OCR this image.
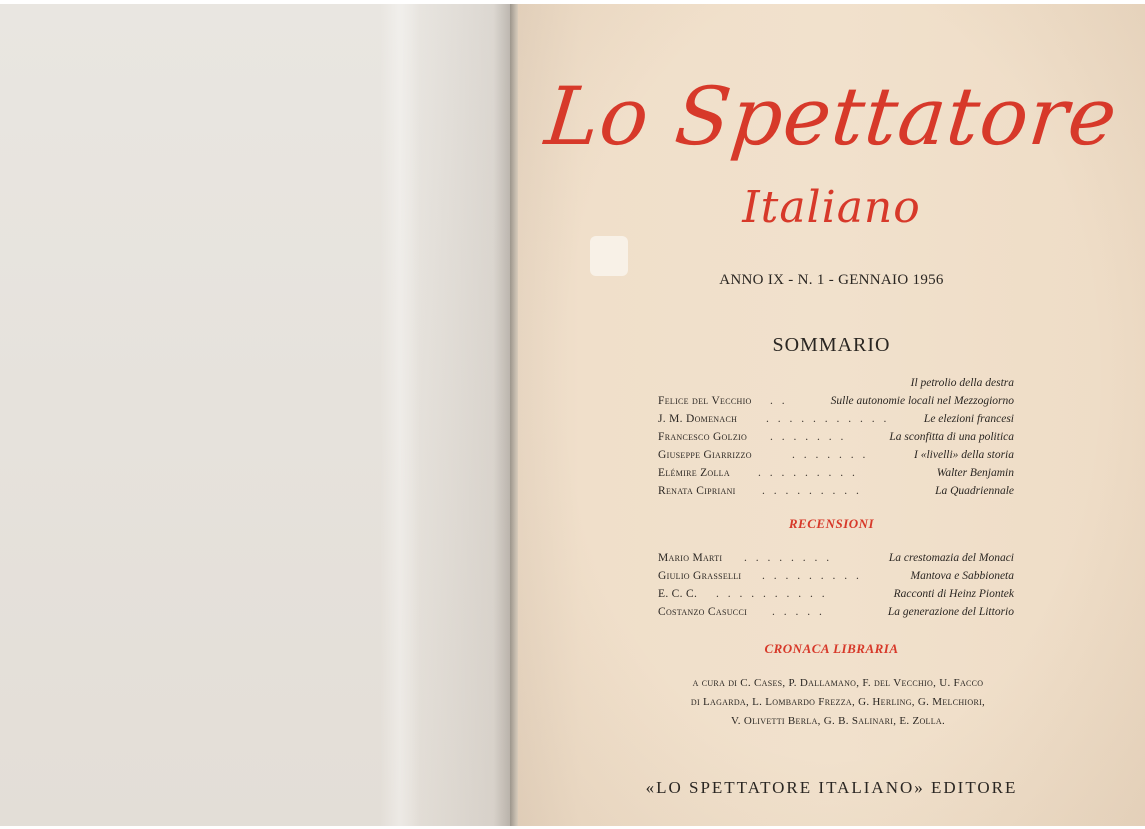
Lo Spettatore
Italiano
ANNO IX - N. 1 - GENNAIO 1956
SOMMARIO
Il petrolio della destra
Felice del Vecchio . .	Sulle autonomie locali nel Mezzogiorno
J. M. Domenach	. . . . . . . . . . .	Le elezioni francesi
Francesco Golzio . . . . . . .	La sconfitta di una politica
Giuseppe Giarrizzo	. . . . . . .	I «livelli» della storia
Elémire Zolla . . . . . . . . .	Walter Benjamin
Renata Cipriani . . . . . . . . .	La Quadriennale
RECENSIONI
Mario Marti . . . . . . . .	La crestomazia del Monaci
Giulio Grasselli . . . . . . . . .	Mantova e Sabbioneta
E. C. C. . . . . . . . . . .	Racconti di Heinz Piontek
Costanzo Casucci . . . . .	La generazione del Littorio
CRONACA LIBRARIA
a cura di C. Cases, P. Dallamano, F. del Vecchio, U. Facco
di Lagarda, L. Lombardo Frezza, G. Herling, G. Melchiori,
V. Olivetti Berla, G. B. Salinari, E. Zolla.
«LO SPETTATORE ITALIANO» EDITORE
